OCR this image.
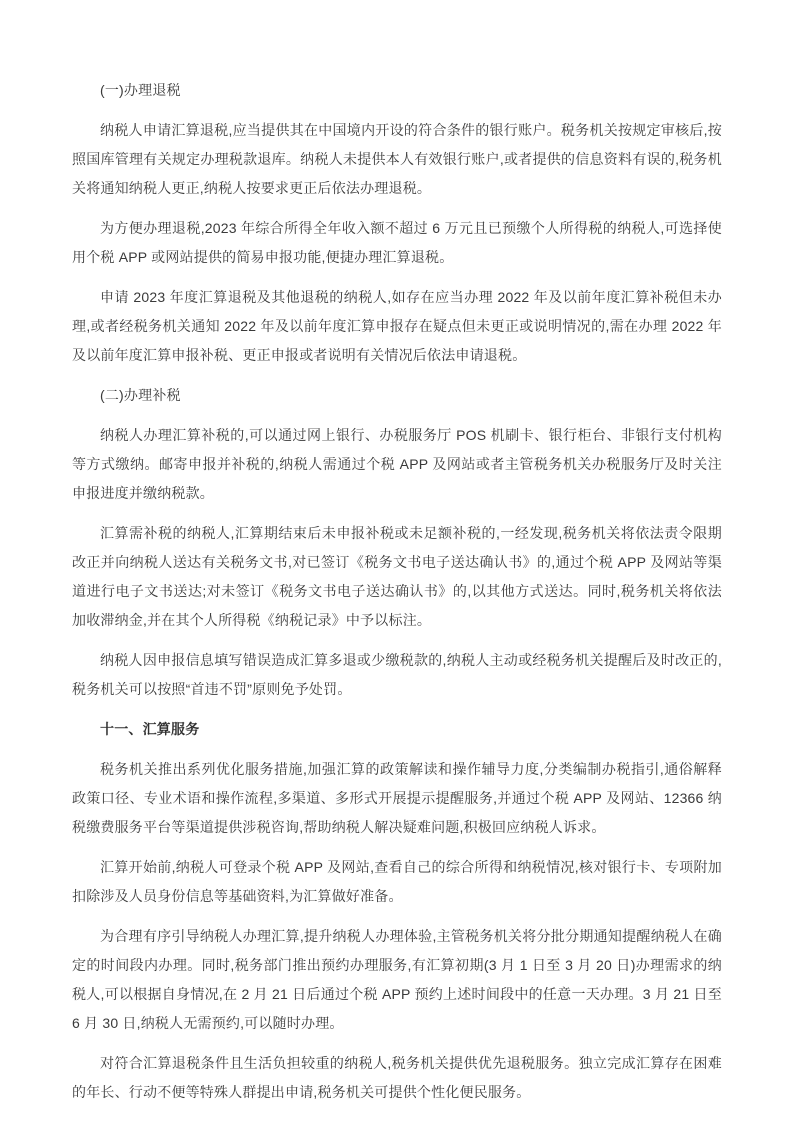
(一)办理退税

纳税人申请汇算退税,应当提供其在中国境内开设的符合条件的银行账户。税务机关按规定审核后,按照国库管理有关规定办理税款退库。纳税人未提供本人有效银行账户,或者提供的信息资料有误的,税务机关将通知纳税人更正,纳税人按要求更正后依法办理退税。

为方便办理退税,2023 年综合所得全年收入额不超过 6 万元且已预缴个人所得税的纳税人,可选择使用个税 APP 或网站提供的简易申报功能,便捷办理汇算退税。

申请 2023 年度汇算退税及其他退税的纳税人,如存在应当办理 2022 年及以前年度汇算补税但未办理,或者经税务机关通知 2022 年及以前年度汇算申报存在疑点但未更正或说明情况的,需在办理 2022 年及以前年度汇算申报补税、更正申报或者说明有关情况后依法申请退税。

(二)办理补税

纳税人办理汇算补税的,可以通过网上银行、办税服务厅 POS 机刷卡、银行柜台、非银行支付机构等方式缴纳。邮寄申报并补税的,纳税人需通过个税 APP 及网站或者主管税务机关办税服务厅及时关注申报进度并缴纳税款。

汇算需补税的纳税人,汇算期结束后未申报补税或未足额补税的,一经发现,税务机关将依法责令限期改正并向纳税人送达有关税务文书,对已签订《税务文书电子送达确认书》的,通过个税 APP 及网站等渠道进行电子文书送达;对未签订《税务文书电子送达确认书》的,以其他方式送达。同时,税务机关将依法加收滞纳金,并在其个人所得税《纳税记录》中予以标注。

纳税人因申报信息填写错误造成汇算多退或少缴税款的,纳税人主动或经税务机关提醒后及时改正的,税务机关可以按照“首违不罚”原则免予处罚。

十一、汇算服务

税务机关推出系列优化服务措施,加强汇算的政策解读和操作辅导力度,分类编制办税指引,通俗解释政策口径、专业术语和操作流程,多渠道、多形式开展提示提醒服务,并通过个税 APP 及网站、12366 纳税缴费服务平台等渠道提供涉税咨询,帮助纳税人解决疑难问题,积极回应纳税人诉求。

汇算开始前,纳税人可登录个税 APP 及网站,查看自己的综合所得和纳税情况,核对银行卡、专项附加扣除涉及人员身份信息等基础资料,为汇算做好准备。

为合理有序引导纳税人办理汇算,提升纳税人办理体验,主管税务机关将分批分期通知提醒纳税人在确定的时间段内办理。同时,税务部门推出预约办理服务,有汇算初期(3 月 1 日至 3 月 20 日)办理需求的纳税人,可以根据自身情况,在 2 月 21 日后通过个税 APP 预约上述时间段中的任意一天办理。3 月 21 日至 6 月 30 日,纳税人无需预约,可以随时办理。

对符合汇算退税条件且生活负担较重的纳税人,税务机关提供优先退税服务。独立完成汇算存在困难的年长、行动不便等特殊人群提出申请,税务机关可提供个性化便民服务。
